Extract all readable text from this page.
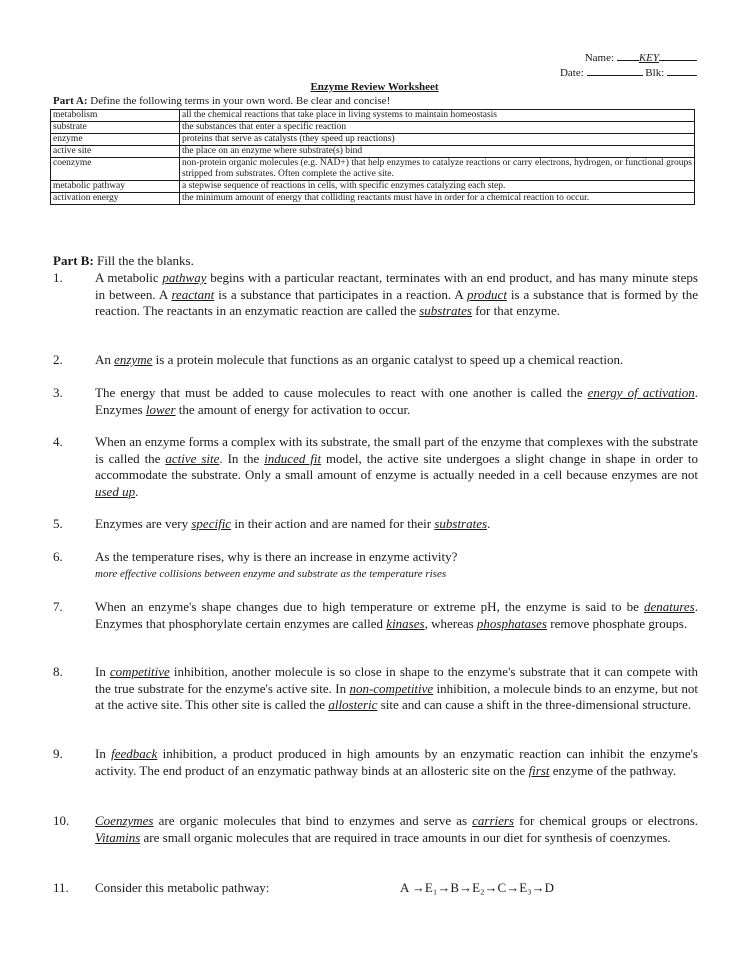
Name: KEY
Date:	Blk:
Enzyme Review Worksheet
Part A: Define the following terms in your own word. Be clear and concise!
metabolism	all the chemical reactions that take place in living systems to maintain homeostasis
substrate	the substances that enter a specific reaction
enzyme	proteins that serve as catalysts (they speed up reactions)
active site	the place on an enzyme where substrate(s) bind
coenzyme	non-protein organic molecules (e.g. NAD+) that help enzymes to catalyze reactions or carry electrons, hydrogen, or functional groups stripped from substrates. Often complete the active site.
metabolic pathway	a stepwise sequence of reactions in cells, with specific enzymes catalyzing each step.
activation energy	the minimum amount of energy that colliding reactants must have in order for a chemical reaction to occur.
Part B: Fill the the blanks.
1. A metabolic pathway begins with a particular reactant, terminates with an end product, and has many minute steps in between. A reactant is a substance that participates in a reaction. A product is a substance that is formed by the reaction. The reactants in an enzymatic reaction are called the substrates for that enzyme.
2. An enzyme is a protein molecule that functions as an organic catalyst to speed up a chemical reaction.
3. The energy that must be added to cause molecules to react with one another is called the energy of activation. Enzymes lower the amount of energy for activation to occur.
4. When an enzyme forms a complex with its substrate, the small part of the enzyme that complexes with the substrate is called the active site. In the induced fit model, the active site undergoes a slight change in shape in order to accommodate the substrate. Only a small amount of enzyme is actually needed in a cell because enzymes are not used up.
5. Enzymes are very specific in their action and are named for their substrates.
6. As the temperature rises, why is there an increase in enzyme activity?
more effective collisions between enzyme and substrate as the temperature rises
7. When an enzyme's shape changes due to high temperature or extreme pH, the enzyme is said to be denatures. Enzymes that phosphorylate certain enzymes are called kinases, whereas phosphatases remove phosphate groups.
8. In competitive inhibition, another molecule is so close in shape to the enzyme's substrate that it can compete with the true substrate for the enzyme's active site. In non-competitive inhibition, a molecule binds to an enzyme, but not at the active site. This other site is called the allosteric site and can cause a shift in the three-dimensional structure.
9. In feedback inhibition, a product produced in high amounts by an enzymatic reaction can inhibit the enzyme's activity. The end product of an enzymatic pathway binds at an allosteric site on the first enzyme of the pathway.
10. Coenzymes are organic molecules that bind to enzymes and serve as carriers for chemical groups or electrons. Vitamins are small organic molecules that are required in trace amounts in our diet for synthesis of coenzymes.
11. Consider this metabolic pathway:	A →E₁→B→E₂→C→E₃→D
